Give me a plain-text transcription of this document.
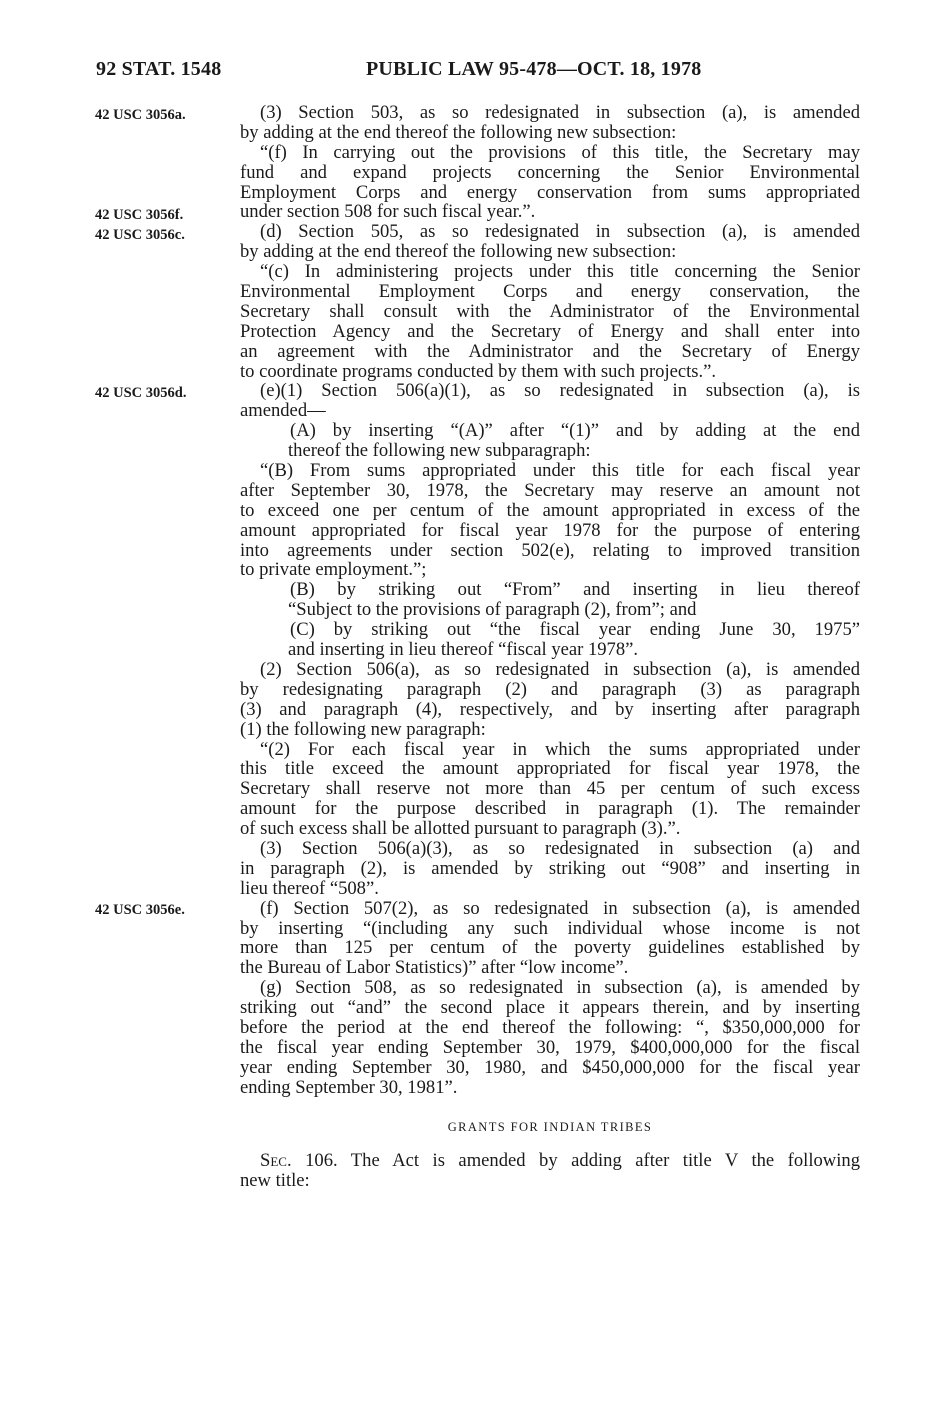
92 STAT. 1548	PUBLIC LAW 95-478—OCT. 18, 1978
42 USC 3056a.
42 USC 3056f.
42 USC 3056c.
42 USC 3056d.
42 USC 3056e.
(3) Section 503, as so redesignated in subsection (a), is amended
by adding at the end thereof the following new subsection:
“(f) In carrying out the provisions of this title, the Secretary may
fund and expand projects concerning the Senior Environmental
Employment Corps and energy conservation from sums appropriated
under section 508 for such fiscal year.”.
(d) Section 505, as so redesignated in subsection (a), is amended
by adding at the end thereof the following new subsection:
“(c) In administering projects under this title concerning the Senior
Environmental Employment Corps and energy conservation, the
Secretary shall consult with the Administrator of the Environmental
Protection Agency and the Secretary of Energy and shall enter into
an agreement with the Administrator and the Secretary of Energy
to coordinate programs conducted by them with such projects.”.
(e)(1) Section 506(a)(1), as so redesignated in subsection (a), is
amended—
(A) by inserting “(A)” after “(1)” and by adding at the end
thereof the following new subparagraph:
“(B) From sums appropriated under this title for each fiscal year
after September 30, 1978, the Secretary may reserve an amount not
to exceed one per centum of the amount appropriated in excess of the
amount appropriated for fiscal year 1978 for the purpose of entering
into agreements under section 502(e), relating to improved transition
to private employment.”;
(B) by striking out “From” and inserting in lieu thereof
“Subject to the provisions of paragraph (2), from”; and
(C) by striking out “the fiscal year ending June 30, 1975”
and inserting in lieu thereof “fiscal year 1978”.
(2) Section 506(a), as so redesignated in subsection (a), is amended
by redesignating paragraph (2) and paragraph (3) as paragraph
(3) and paragraph (4), respectively, and by inserting after paragraph
(1) the following new paragraph:
“(2) For each fiscal year in which the sums appropriated under
this title exceed the amount appropriated for fiscal year 1978, the
Secretary shall reserve not more than 45 per centum of such excess
amount for the purpose described in paragraph (1). The remainder
of such excess shall be allotted pursuant to paragraph (3).”.
(3) Section 506(a)(3), as so redesignated in subsection (a) and
in paragraph (2), is amended by striking out “908” and inserting in
lieu thereof “508”.
(f) Section 507(2), as so redesignated in subsection (a), is amended
by inserting “(including any such individual whose income is not
more than 125 per centum of the poverty guidelines established by
the Bureau of Labor Statistics)” after “low income”.
(g) Section 508, as so redesignated in subsection (a), is amended by
striking out “and” the second place it appears therein, and by inserting
before the period at the end thereof the following: “, $350,000,000 for
the fiscal year ending September 30, 1979, $400,000,000 for the fiscal
year ending September 30, 1980, and $450,000,000 for the fiscal year
ending September 30, 1981”.
GRANTS FOR INDIAN TRIBES
Sec. 106. The Act is amended by adding after title V the following
new title:
